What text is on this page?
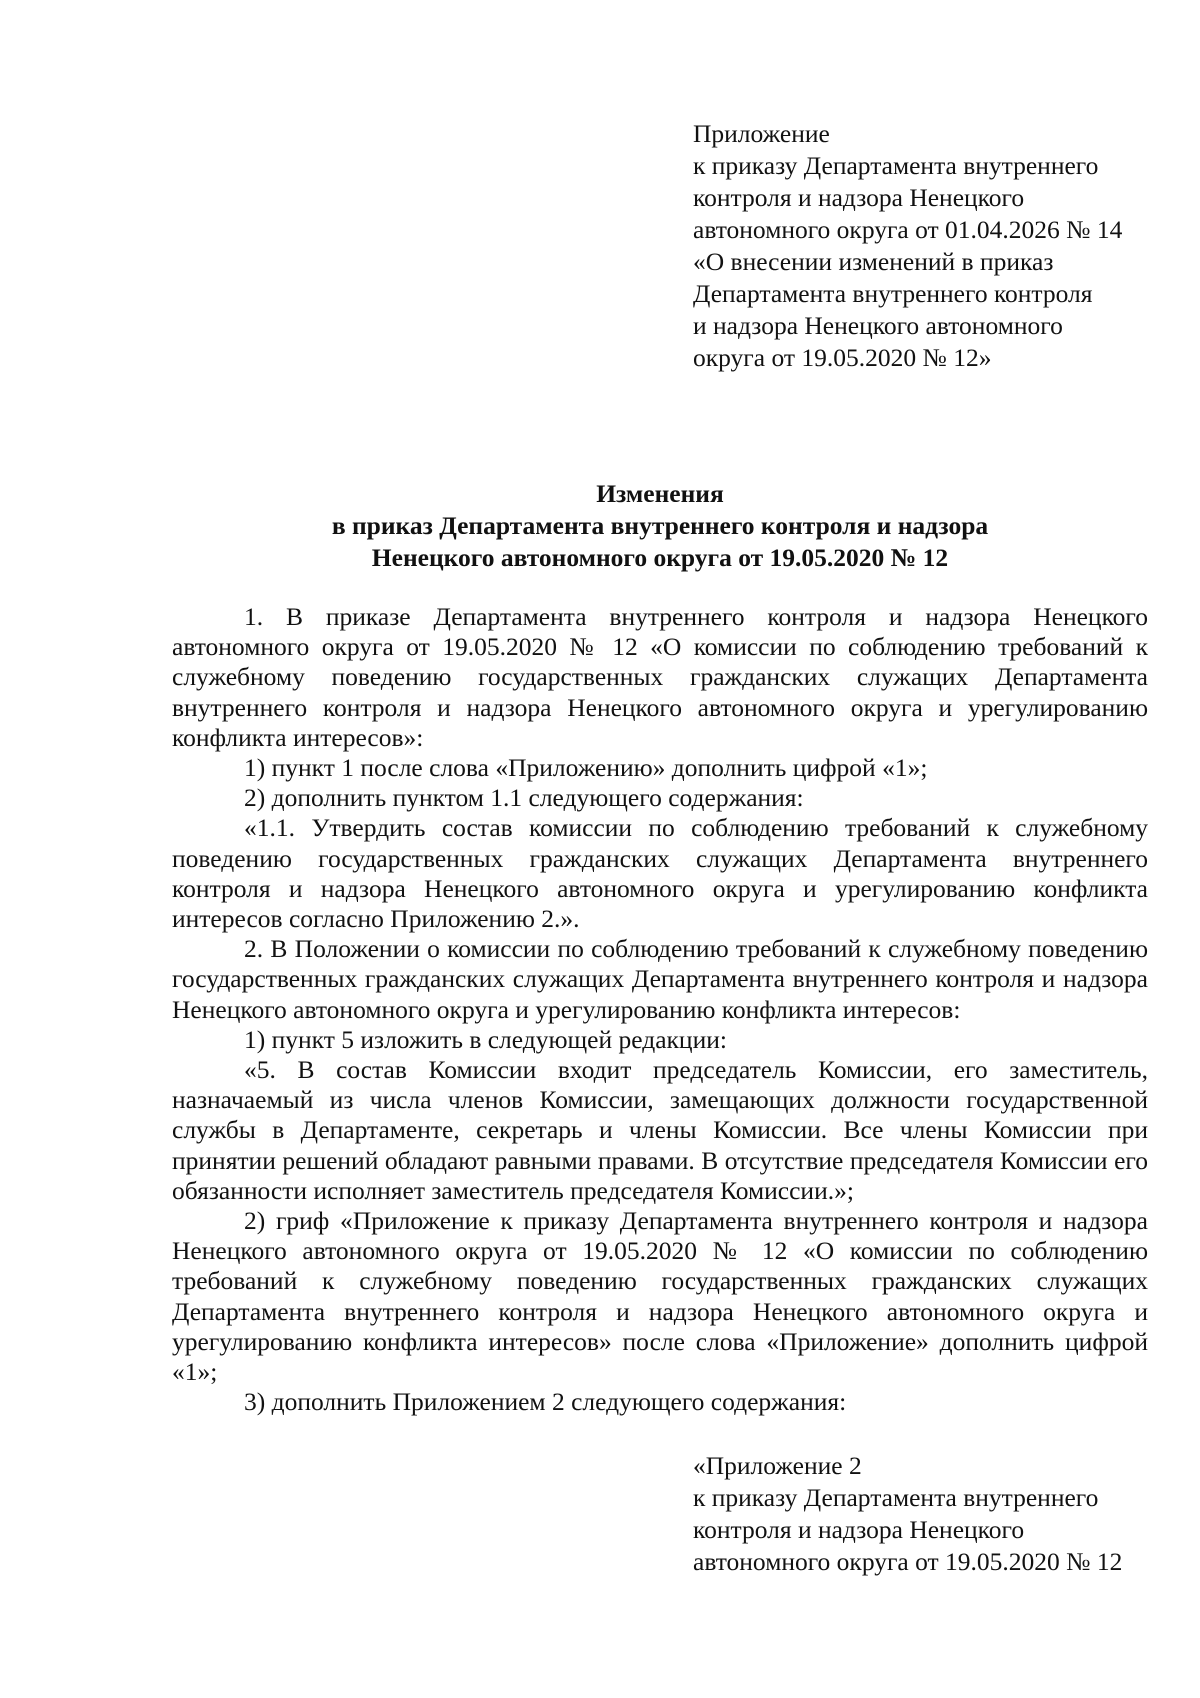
Приложение
к приказу Департамента внутреннего
контроля и надзора Ненецкого
автономного округа от 01.04.2026 № 14
«О внесении изменений в приказ
Департамента внутреннего контроля
и надзора Ненецкого автономного
округа от 19.05.2020 № 12»
Изменения
в приказ Департамента внутреннего контроля и надзора
Ненецкого автономного округа от 19.05.2020 № 12

1. В приказе Департамента внутреннего контроля и надзора Ненецкого автономного округа от 19.05.2020 № 12 «О комиссии по соблюдению требований к служебному поведению государственных гражданских служащих Департамента внутреннего контроля и надзора Ненецкого автономного округа и урегулированию конфликта интересов»:

1) пункт 1 после слова «Приложению» дополнить цифрой «1»;

2) дополнить пунктом 1.1 следующего содержания:

«1.1. Утвердить состав комиссии по соблюдению требований к служебному поведению государственных гражданских служащих Департамента внутреннего контроля и надзора Ненецкого автономного округа и урегулированию конфликта интересов согласно Приложению 2.».

2. В Положении о комиссии по соблюдению требований к служебному поведению государственных гражданских служащих Департамента внутреннего контроля и надзора Ненецкого автономного округа и урегулированию конфликта интересов:

1) пункт 5 изложить в следующей редакции:

«5. В состав Комиссии входит председатель Комиссии, его заместитель, назначаемый из числа членов Комиссии, замещающих должности государственной службы в Департаменте, секретарь и члены Комиссии. Все члены Комиссии при принятии решений обладают равными правами. В отсутствие председателя Комиссии его обязанности исполняет заместитель председателя Комиссии.»;

2) гриф «Приложение к приказу Департамента внутреннего контроля и надзора Ненецкого автономного округа от 19.05.2020 № 12 «О комиссии по соблюдению требований к служебному поведению государственных гражданских служащих Департамента внутреннего контроля и надзора Ненецкого автономного округа и урегулированию конфликта интересов» после слова «Приложение» дополнить цифрой «1»;

3) дополнить Приложением 2 следующего содержания:

«Приложение 2
к приказу Департамента внутреннего
контроля и надзора Ненецкого
автономного округа от 19.05.2020 № 12
